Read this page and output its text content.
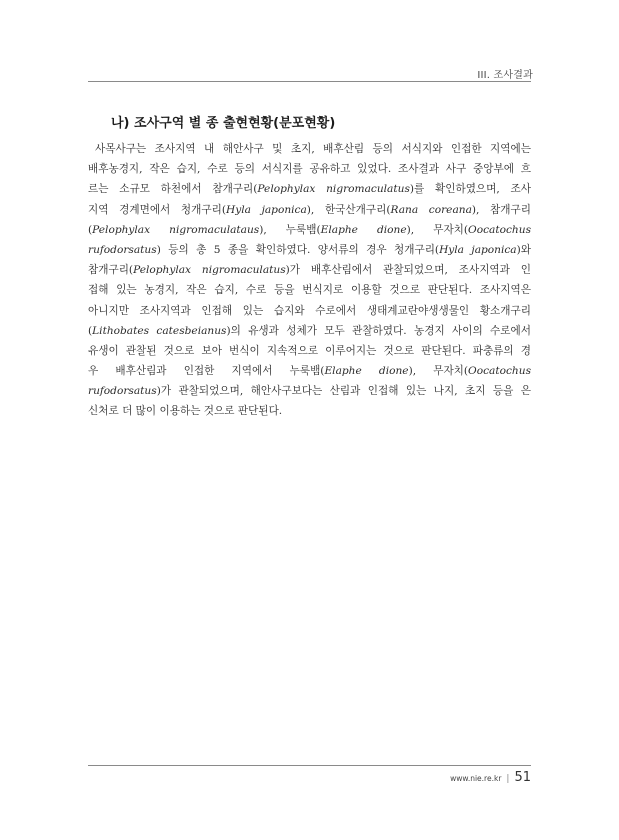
III. 조사결과
나) 조사구역 별 종 출현현황(분포현황)
사목사구는 조사지역 내 해안사구 및 초지, 배후산림 등의 서식지와 인접한 지역에는
배후농경지, 작은 습지, 수로 등의 서식지를 공유하고 있었다. 조사결과 사구 중앙부에 흐
르는 소규모 하천에서 참개구리(Pelophylax nigromaculatus)를 확인하였으며, 조사
지역 경계면에서 청개구리(Hyla japonica), 한국산개구리(Rana coreana), 참개구리
(Pelophylax nigromaculataus), 누룩뱀(Elaphe dione), 무자치(Oocatochus
rufodorsatus) 등의 총 5 종을 확인하였다. 양서류의 경우 청개구리(Hyla japonica)와
참개구리(Pelophylax nigromaculatus)가 배후산림에서 관찰되었으며, 조사지역과 인
접해 있는 농경지, 작은 습지, 수로 등을 번식지로 이용할 것으로 판단된다. 조사지역은
아니지만 조사지역과 인접해 있는 습지와 수로에서 생태계교란야생생물인 황소개구리
(Lithobates catesbeianus)의 유생과 성체가 모두 관찰하였다. 농경지 사이의 수로에서
유생이 관찰된 것으로 보아 번식이 지속적으로 이루어지는 것으로 판단된다. 파충류의 경
우 배후산림과 인접한 지역에서 누룩뱀(Elaphe dione), 무자치(Oocatochus
rufodorsatus)가 관찰되었으며, 해안사구보다는 산림과 인접해 있는 나지, 초지 등을 은
신처로 더 많이 이용하는 것으로 판단된다.
www.nie.re.kr | 51
